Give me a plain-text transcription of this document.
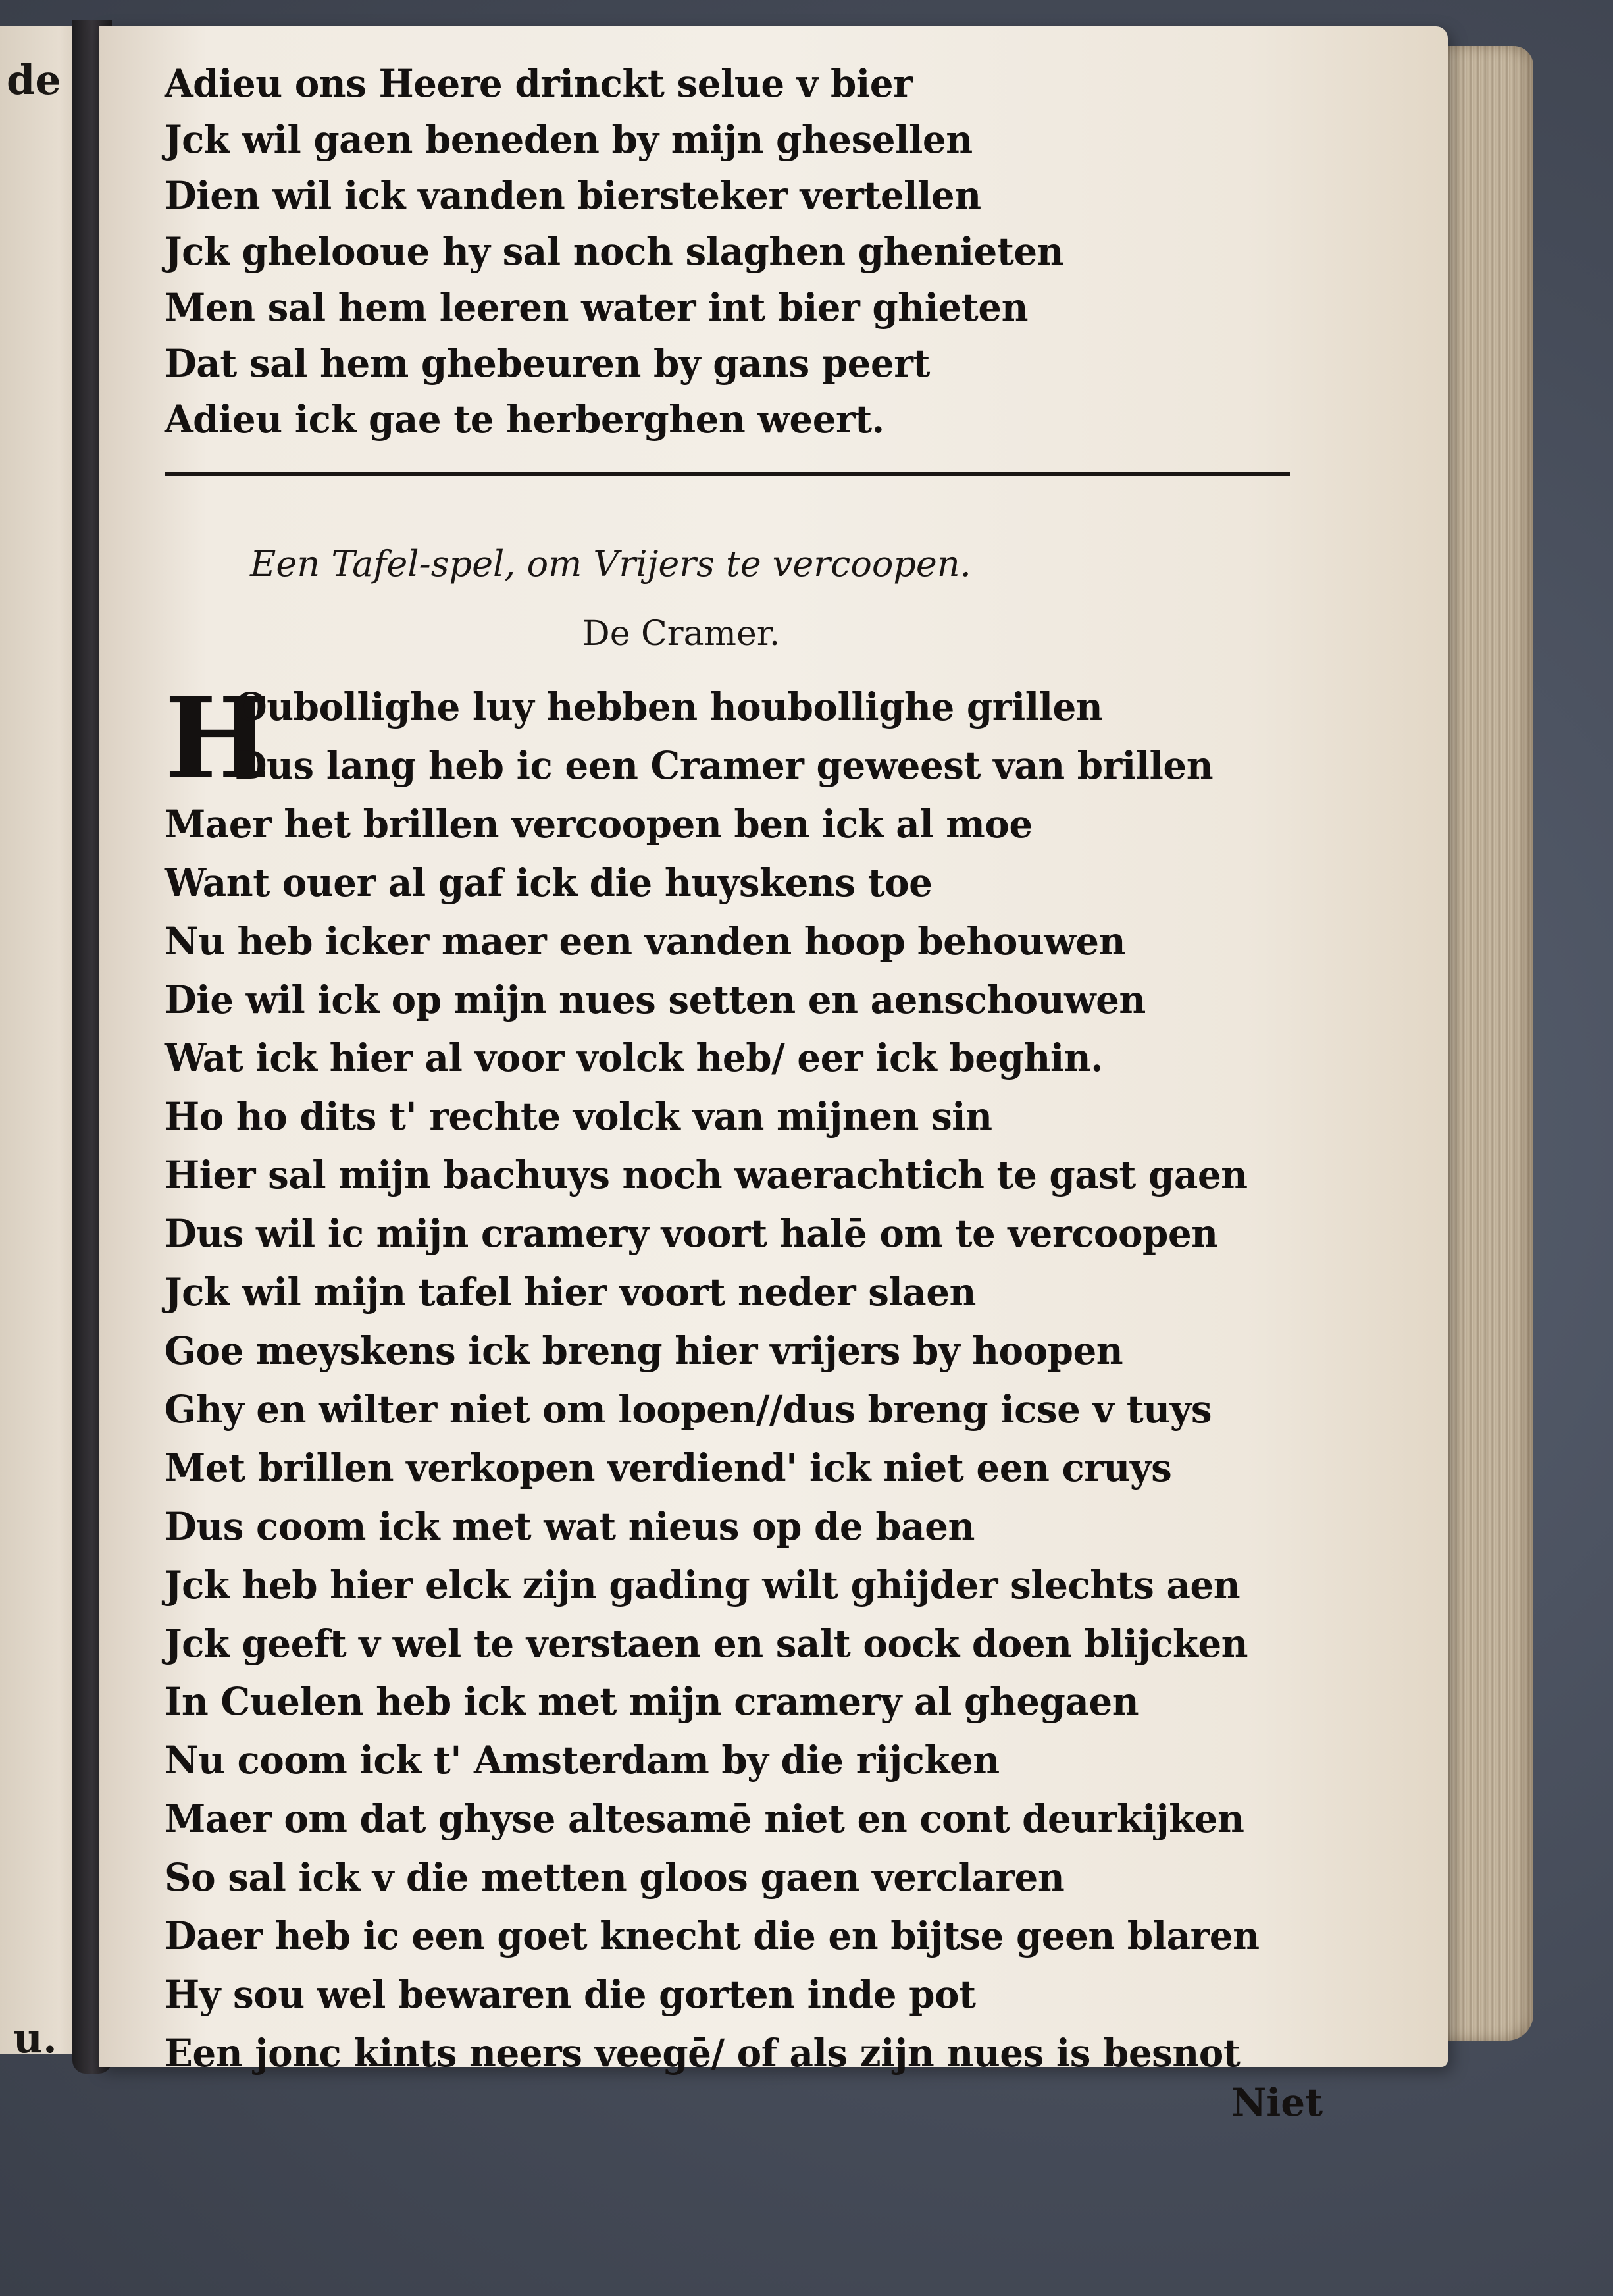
de
u.
Adieu ons Heere drinckt selue v bier
Jck wil gaen beneden by mijn ghesellen
Dien wil ick vanden biersteker vertellen
Jck ghelooue hy sal noch slaghen ghenieten
Men sal hem leeren water int bier ghieten
Dat sal hem ghebeuren by gans peert
Adieu ick gae te herberghen weert.
Een Tafel-spel, om Vrijers te vercoopen.
De Cramer.
H
Oubollighe luy hebben houbollighe grillen
Dus lang heb ic een Cramer geweest van brillen
Maer het brillen vercoopen ben ick al moe
Want ouer al gaf ick die huyskens toe
Nu heb icker maer een vanden hoop behouwen
Die wil ick op mijn nues setten en aenschouwen
Wat ick hier al voor volck heb/ eer ick beghin.
Ho ho dits t' rechte volck van mijnen sin
Hier sal mijn bachuys noch waerachtich te gast gaen
Dus wil ic mijn cramery voort halē om te vercoopen
Jck wil mijn tafel hier voort neder slaen
Goe meyskens ick breng hier vrijers by hoopen
Ghy en wilter niet om loopen//dus breng icse v tuys
Met brillen verkopen verdiend' ick niet een cruys
Dus coom ick met wat nieus op de baen
Jck heb hier elck zijn gading wilt ghijder slechts aen
Jck geeft v wel te verstaen en salt oock doen blijcken
In Cuelen heb ick met mijn cramery al ghegaen
Nu coom ick t' Amsterdam by die rijcken
Maer om dat ghyse altesamē niet en cont deurkijken
So sal ick v die metten gloos gaen verclaren
Daer heb ic een goet knecht die en bijtse geen blaren
Hy sou wel bewaren die gorten inde pot
Een jonc kints neers veegē/ of als zijn nues is besnot
Niet
